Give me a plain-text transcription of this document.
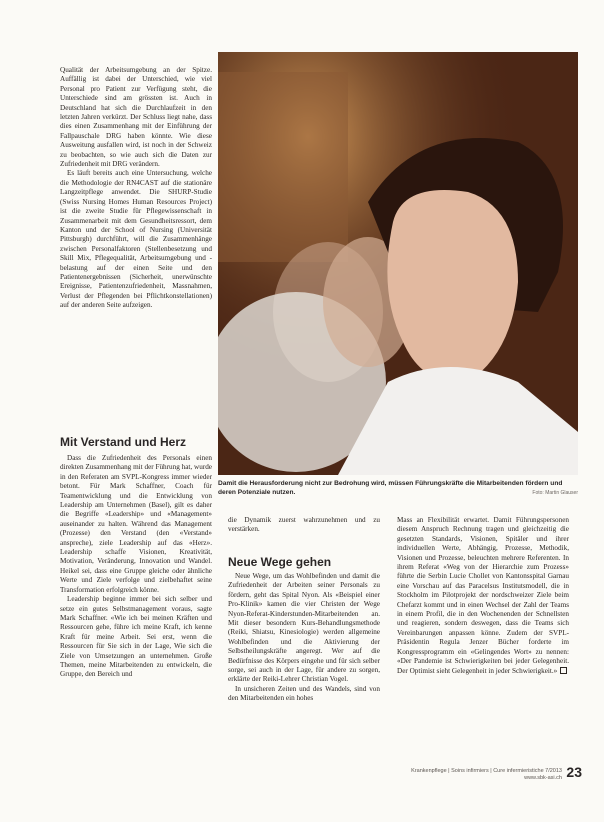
Qualität der Arbeitsumgebung an der Spitze. Auffällig ist dabei der Unterschied, wie viel Personal pro Patient zur Verfügung steht, die Unterschiede sind am grössten ist. Auch in Deutschland hat sich die Durchlaufzeit in den letzten Jahren verkürzt. Der Schluss liegt nahe, dass dies einen Zusammenhang mit der Einführung der Fallpauschale DRG haben könnte. Wie diese Ausweitung ausfallen wird, ist noch in der Schweiz zu beobachten, so wie auch sich die Daten zur Zufriedenheit mit DRG verändern.

Es läuft bereits auch eine Untersuchung, welche die Methodologie der RN4CAST auf die stationäre Langzeitpflege anwendet. Die SHURP-Studie (Swiss Nursing Homes Human Resources Project) ist die zweite Studie für Pflegewissenschaft in Zusammenarbeit mit dem Gesundheitsressort, dem Kanton und der School of Nursing (Universität Pittsburgh) durchführt, will die Zusammenhänge zwischen Personalfaktoren (Stellenbesetzung und Skill Mix, Pflegequalität, Arbeitsumgebung und -belastung auf der einen Seite und den Patientenergebnissen (Sicherheit, unerwünschte Ereignisse, Patientenzufriedenheit, Massnahmen, Verlust der Pflegenden bei Pflichtkonstellationen) auf der anderen Seite aufzeigen.

Mit Verstand und Herz

Dass die Zufriedenheit des Personals einen direkten Zusammenhang mit der Führung hat, wurde in den Referaten am SVPL-Kongress immer wieder betont. Für Mark Schaffner, Coach für Teamentwicklung und die Entwicklung von Leadership am Unternehmen (Basel), gilt es daher die Begriffe «Leadership» und «Management» auseinander zu halten. Während das Management (Prozesse) den Verstand (den «Verstand» anspreche), ziele Leadership auf das «Herz». Leadership schaffe Visionen, Kreativität, Motivation, Veränderung, Innovation und Wandel. Heikel sei, dass eine Gruppe gleiche oder ähnliche Werte und Ziele verfolge und zielbehaftet seine Transformation erfolgreich könne.

Leadership beginne immer bei sich selber und setze ein gutes Selbstmanagement voraus, sagte Mark Schaffner. «Wie ich bei meinen Kräften und Ressourcen gehe, führe ich meine Kraft, ich kenne Kraft für meine Arbeit. Sei erst, wenn die Ressourcen für Sie sich in der Lage, Wie sich die Ziele von Umsetzungen an unternehmen. Große Themen, meine Mitarbeitenden zu entwickeln, die Gruppe, den Bereich und

Damit die Herausforderung nicht zur Bedrohung wird, müssen Führungskräfte die Mitarbeitenden fördern und deren Potenziale nutzen.	Foto: Martin Glauser

die Dynamik zuerst wahrzunehmen und zu verstärken.

Neue Wege gehen

Neue Wege, um das Wohlbefinden und damit die Zufriedenheit der Arbeiten seiner Personals zu fördern, geht das Spital Nyon. Als «Beispiel einer Pro-Klinik» kamen die vier Christen der Wege Nyon-Referat-Kinderstunden-Mitarbeitenden an. Mit dieser besondern Kurs-Behandlungsmethode (Reiki, Shiatsu, Kinesiologie) werden allgemeine Wohlbefinden und die Aktivierung der Selbstheilungskräfte angeregt. Wer auf die Bedürfnisse des Körpers eingehe und für sich selber sorge, sei auch in der Lage, für andere zu sorgen, erklärte der Reiki-Lehrer Christian Vogel.

In unsicheren Zeiten und des Wandels, sind von den Mitarbeitenden ein hohes

Mass an Flexibilität erwartet. Damit Führungspersonen diesem Anspruch Rechnung tragen und gleichzeitig die gesetzten Standards, Visionen, Spitäler und ihrer individuellen Werte, Abhängig, Prozesse, Methodik, Visionen und Prozesse, beleuchten mehrere Referenten. In ihrem Referat «Weg von der Hierarchie zum Prozess» führte die Serbin Lucie Chollet von Kantonsspital Garnau eine Vorschau auf das Paracelsus Institutsmodell, die in Stockholm im Pilotprojekt der nordschweizer Ziele beim Chefarzt kommt und in einen Wechsel der Zahl der Teams in einem Profil, die in den Wochenenden der Schnellsten und reagieren, sondern deswegen, dass die Teams sich Vereinbarungen anpassen könne. Zudem der SVPL-Präsidentin Regula Jenzer Bücher forderte im Kongressprogramm ein «Gelingendes Wort» zu nennen: «Der Pandemie ist Schwierigkeiten bei jeder Gelegenheit. Der Optimist sieht Gelegenheit in jeder Schwierigkeit.»

Krankenpflege | Soins infirmiers | Cure infermieristiche 7/2013
www.sbk-asi.ch 23
